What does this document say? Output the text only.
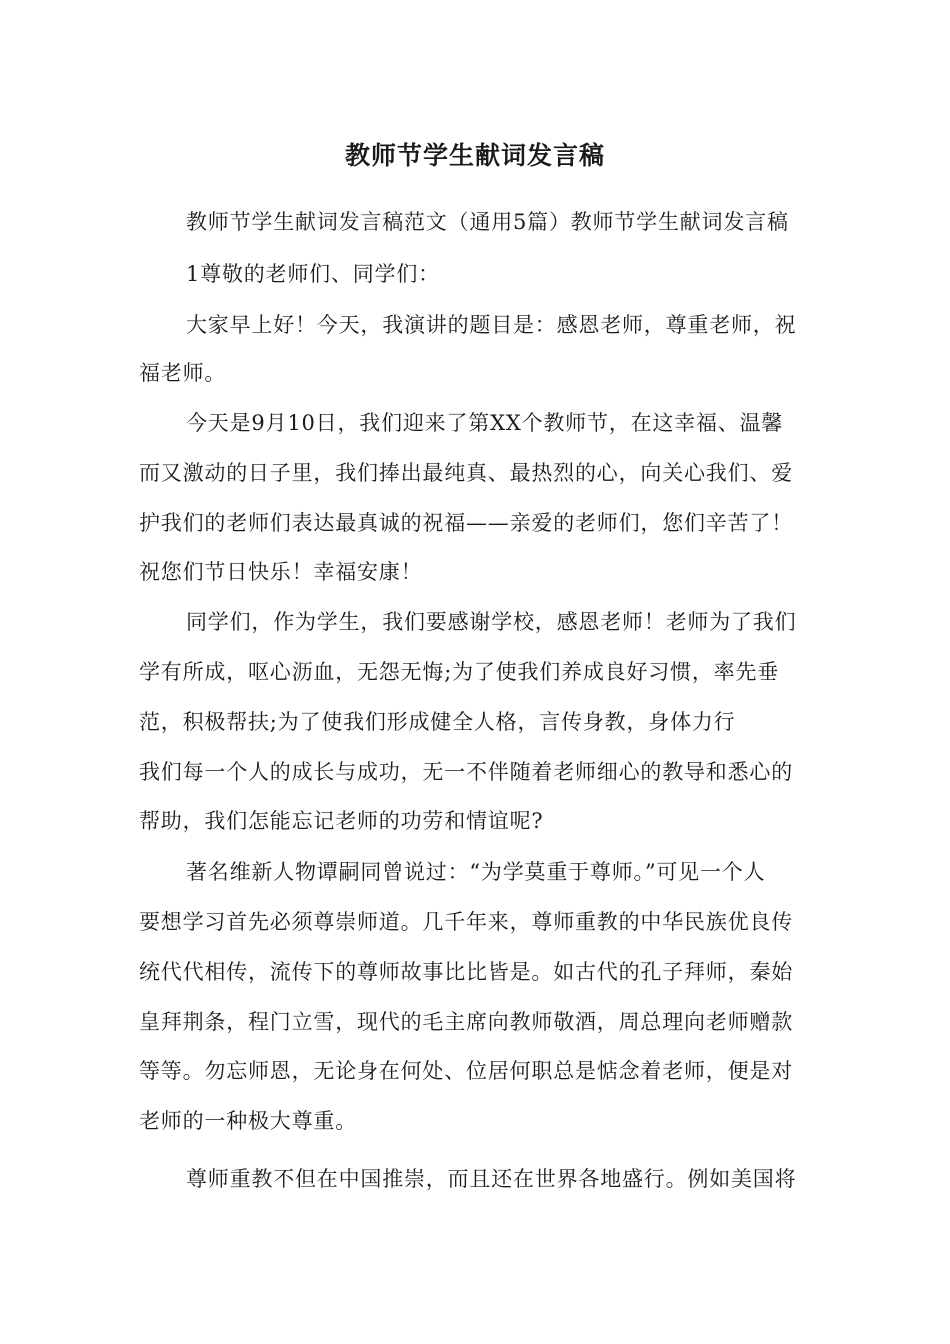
教师节学生献词发言稿
教师节学生献词发言稿范文（通用5篇）教师节学生献词发言稿
1尊敬的老师们、同学们：
大家早上好！今天，我演讲的题目是：感恩老师，尊重老师，祝
福老师。
今天是9月10日，我们迎来了第XX个教师节，在这幸福、温馨
而又激动的日子里，我们捧出最纯真、最热烈的心，向关心我们、爱
护我们的老师们表达最真诚的祝福——亲爱的老师们，您们辛苦了！
祝您们节日快乐！幸福安康！
同学们，作为学生，我们要感谢学校，感恩老师！老师为了我们
学有所成，呕心沥血，无怨无悔;为了使我们养成良好习惯，率先垂
范，积极帮扶;为了使我们形成健全人格，言传身教，身体力行
我们每一个人的成长与成功，无一不伴随着老师细心的教导和悉心的
帮助，我们怎能忘记老师的功劳和情谊呢?
著名维新人物谭嗣同曾说过：“为学莫重于尊师。”可见一个人
要想学习首先必须尊崇师道。几千年来，尊师重教的中华民族优良传
统代代相传，流传下的尊师故事比比皆是。如古代的孔子拜师，秦始
皇拜荆条，程门立雪，现代的毛主席向教师敬酒，周总理向老师赠款
等等。勿忘师恩，无论身在何处、位居何职总是惦念着老师，便是对
老师的一种极大尊重。
尊师重教不但在中国推崇，而且还在世界各地盛行。例如美国将
